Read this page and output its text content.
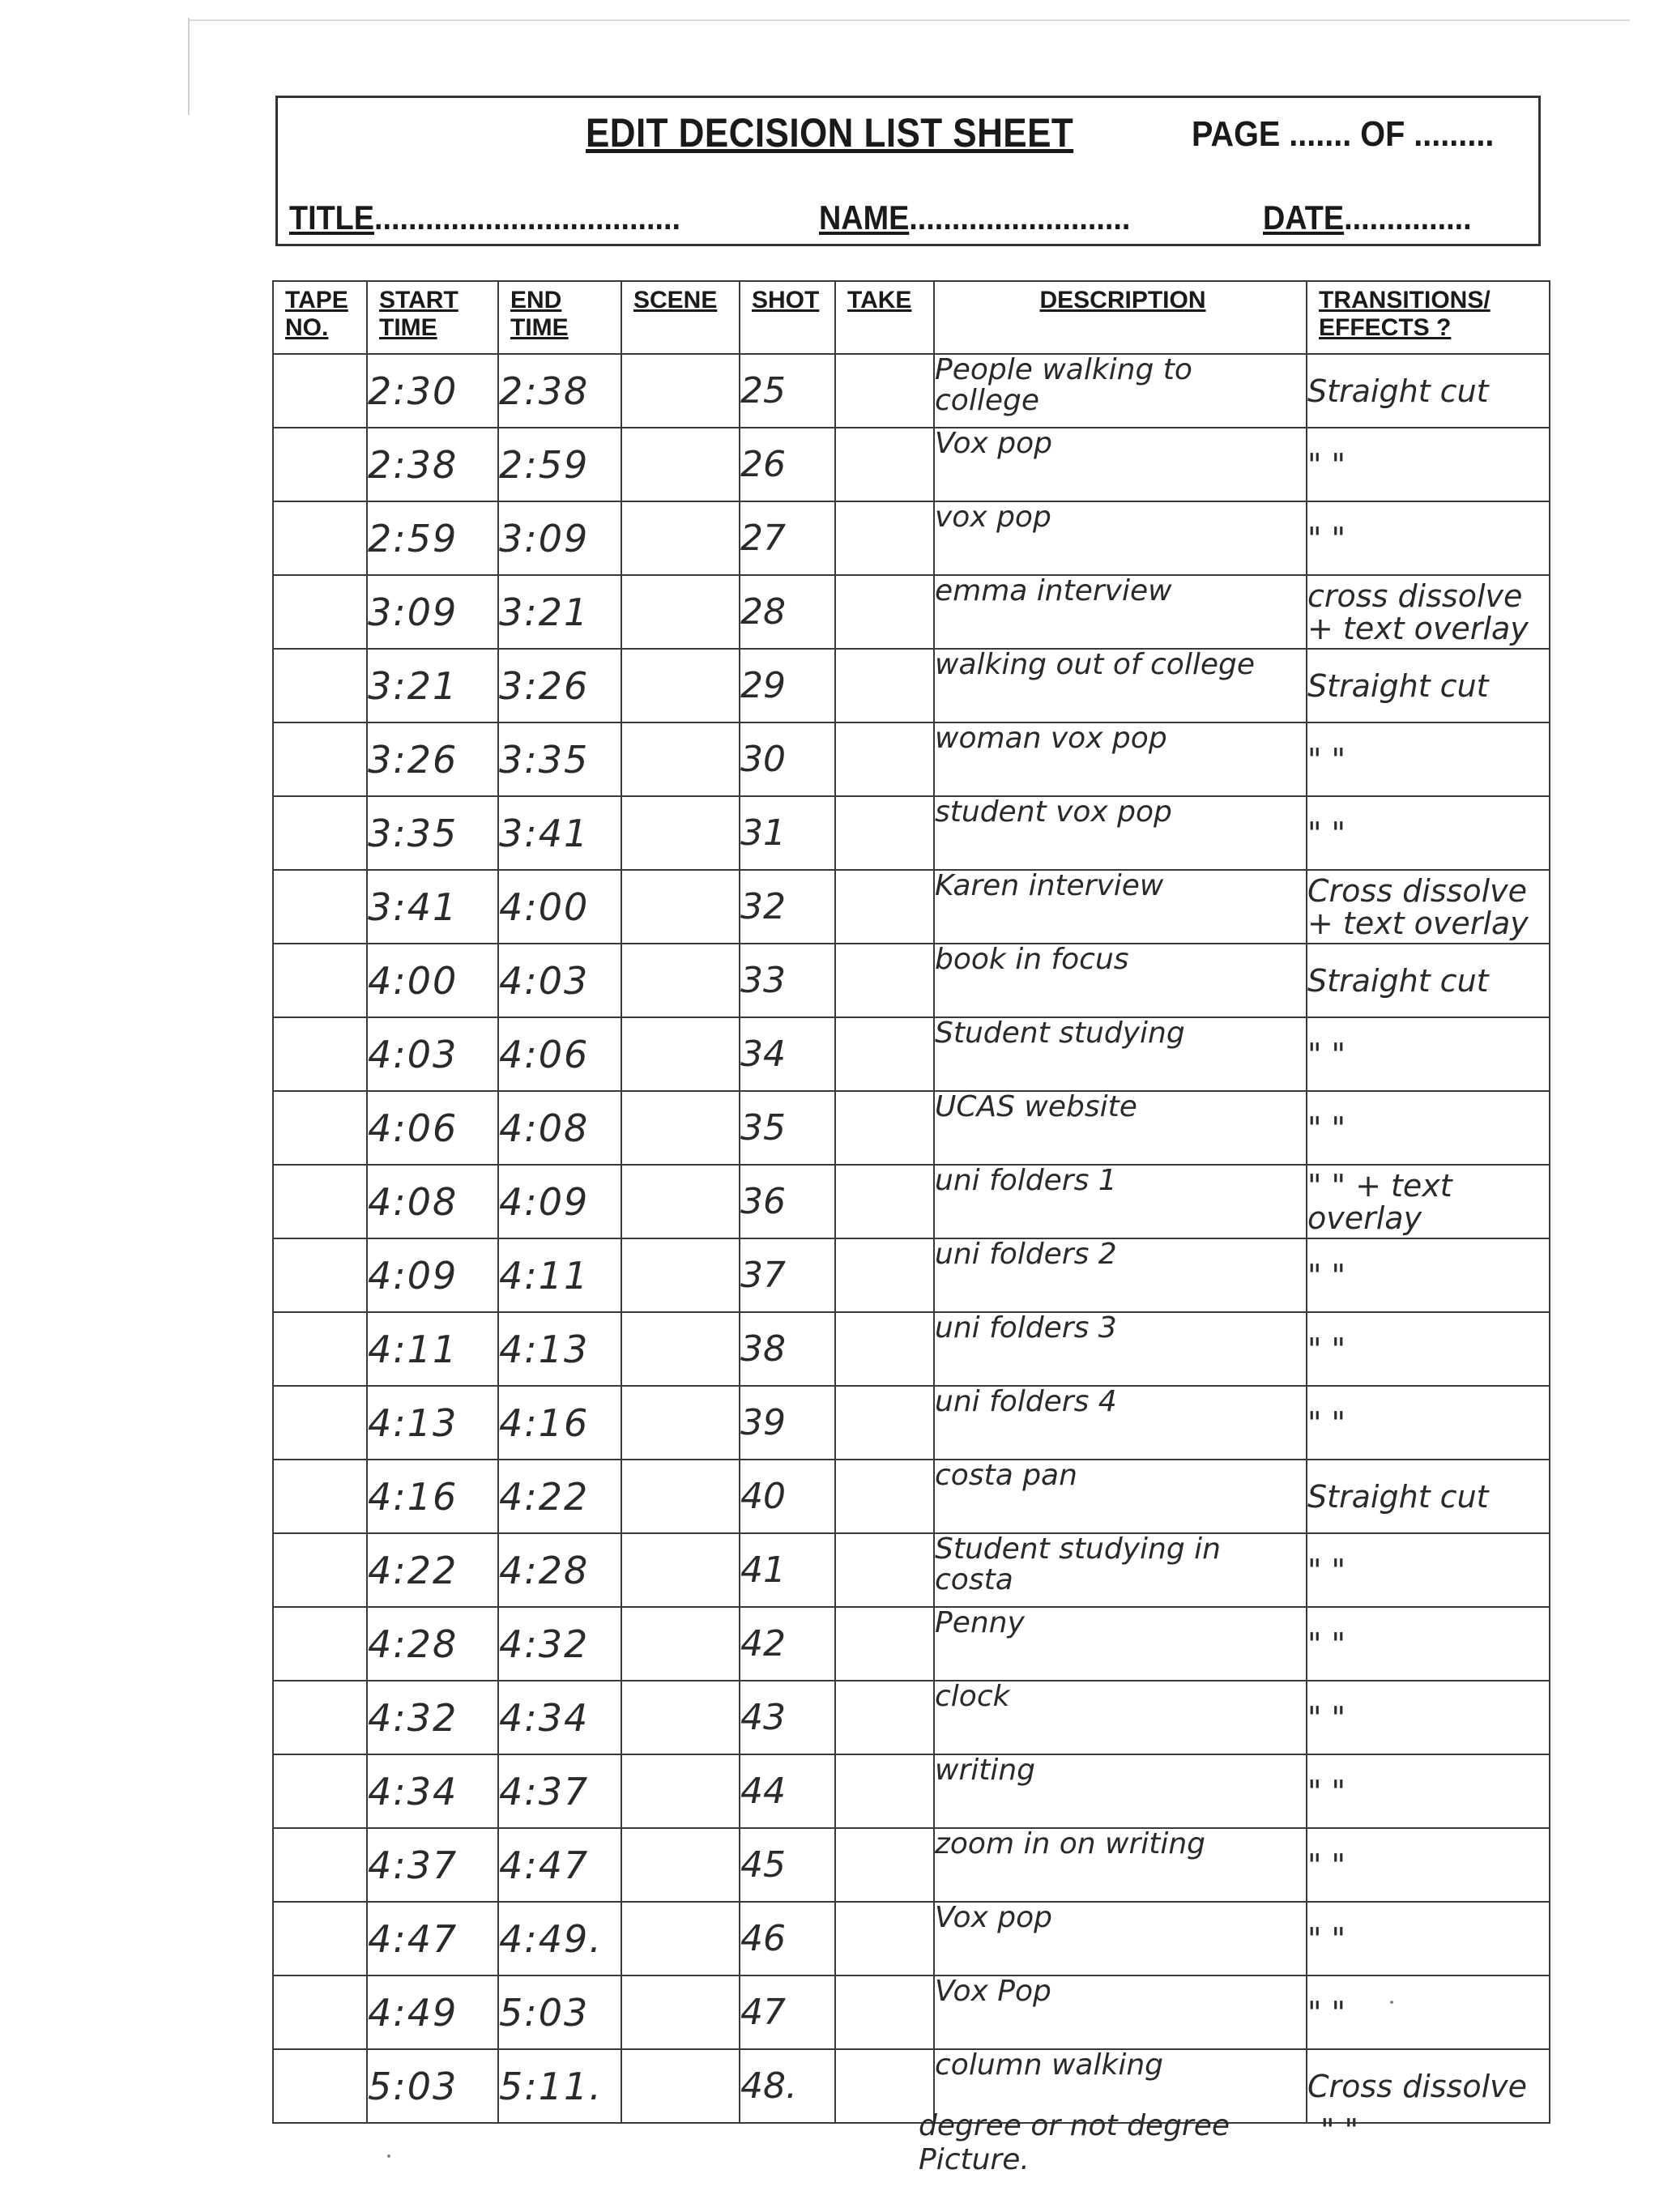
EDIT DECISION LIST SHEET	PAGE ....... OF .........
TITLE....................................	NAME..........................	DATE...............
TAPE NO.	START TIME	END TIME	SCENE	SHOT	TAKE	DESCRIPTION	TRANSITIONS/ EFFECTS ?
	2:30	2:38		25		People walking to college	Straight cut
	2:38	2:59		26		Vox pop	" "
	2:59	3:09		27		vox pop	" "
	3:09	3:21		28		emma interview	cross dissolve + text overlay
	3:21	3:26		29		walking out of college	Straight cut
	3:26	3:35		30		woman vox pop	" "
	3:35	3:41		31		student vox pop	" "
	3:41	4:00		32		Karen interview	Cross dissolve + text overlay
	4:00	4:03		33		book in focus	Straight cut
	4:03	4:06		34		Student studying	" "
	4:06	4:08		35		UCAS website	" "
	4:08	4:09		36		uni folders 1	" " + text overlay
	4:09	4:11		37		uni folders 2	" "
	4:11	4:13		38		uni folders 3	" "
	4:13	4:16		39		uni folders 4	" "
	4:16	4:22		40		costa pan	Straight cut
	4:22	4:28		41		Student studying in costa	" "
	4:28	4:32		42		Penny	" "
	4:32	4:34		43		clock	" "
	4:34	4:37		44		writing	" "
	4:37	4:47		45		zoom in on writing	" "
	4:47	4:49.		46		Vox pop	" "
	4:49	5:03		47		Vox Pop	" "
	5:03	5:11.		48.		column walking	Cross dissolve
degree or not degree Picture.
" "
